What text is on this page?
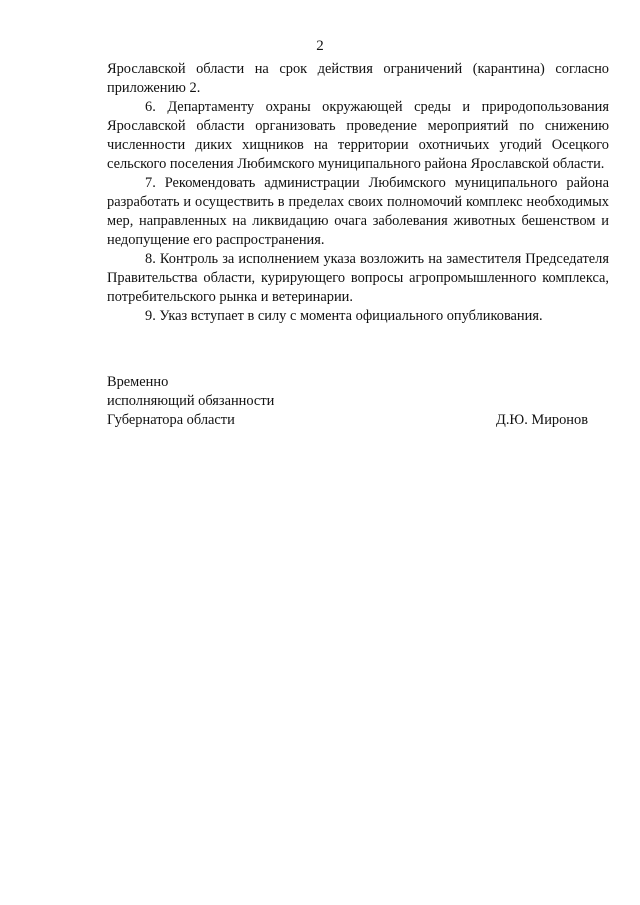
2

Ярославской области на срок действия ограничений (карантина) согласно приложению 2.

6. Департаменту охраны окружающей среды и природопользования Ярославской области организовать проведение мероприятий по снижению численности диких хищников на территории охотничьих угодий Осецкого сельского поселения Любимского муниципального района Ярославской области.

7. Рекомендовать администрации Любимского муниципального района разработать и осуществить в пределах своих полномочий комплекс необходимых мер, направленных на ликвидацию очага заболевания животных бешенством и недопущение его распространения.

8. Контроль за исполнением указа возложить на заместителя Председателя Правительства области, курирующего вопросы агропромышленного комплекса, потребительского рынка и ветеринарии.

9. Указ вступает в силу с момента официального опубликования.

Временно
исполняющий обязанности
Губернатора области	Д.Ю. Миронов
